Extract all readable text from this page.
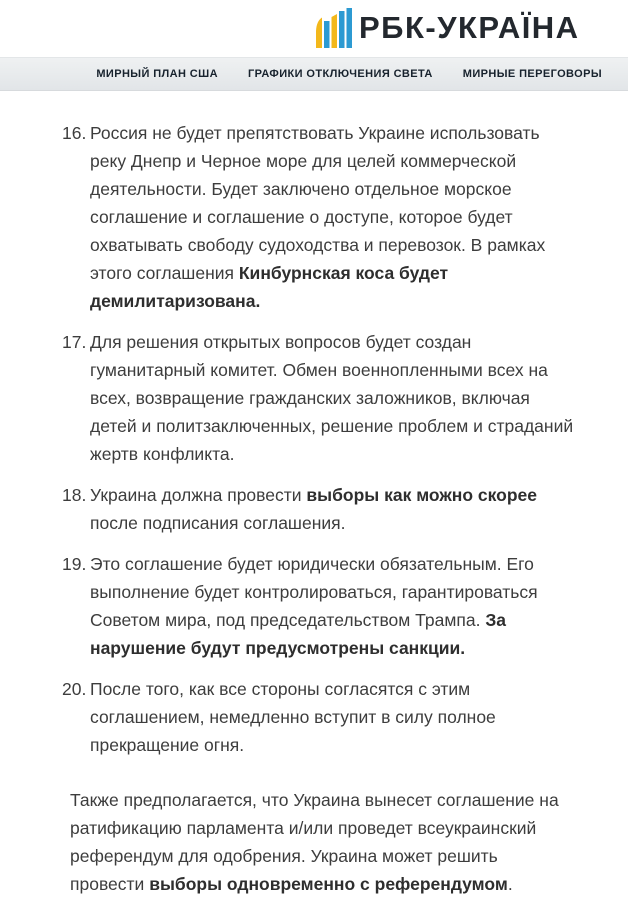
РБК-УКРАЇНА
МИРНЫЙ ПЛАН США	ГРАФИКИ ОТКЛЮЧЕНИЯ СВЕТА	МИРНЫЕ ПЕРЕГОВОРЫ
16. Россия не будет препятствовать Украине использовать реку Днепр и Черное море для целей коммерческой деятельности. Будет заключено отдельное морское соглашение и соглашение о доступе, которое будет охватывать свободу судоходства и перевозок. В рамках этого соглашения Кинбурнская коса будет демилитаризована.

17. Для решения открытых вопросов будет создан гуманитарный комитет. Обмен военнопленными всех на всех, возвращение гражданских заложников, включая детей и политзаключенных, решение проблем и страданий жертв конфликта.

18. Украина должна провести выборы как можно скорее после подписания соглашения.

19. Это соглашение будет юридически обязательным. Его выполнение будет контролироваться, гарантироваться Советом мира, под председательством Трампа. За нарушение будут предусмотрены санкции.

20. После того, как все стороны согласятся с этим соглашением, немедленно вступит в силу полное прекращение огня.

Также предполагается, что Украина вынесет соглашение на ратификацию парламента и/или проведет всеукраинский референдум для одобрения. Украина может решить провести выборы одновременно с референдумом.
